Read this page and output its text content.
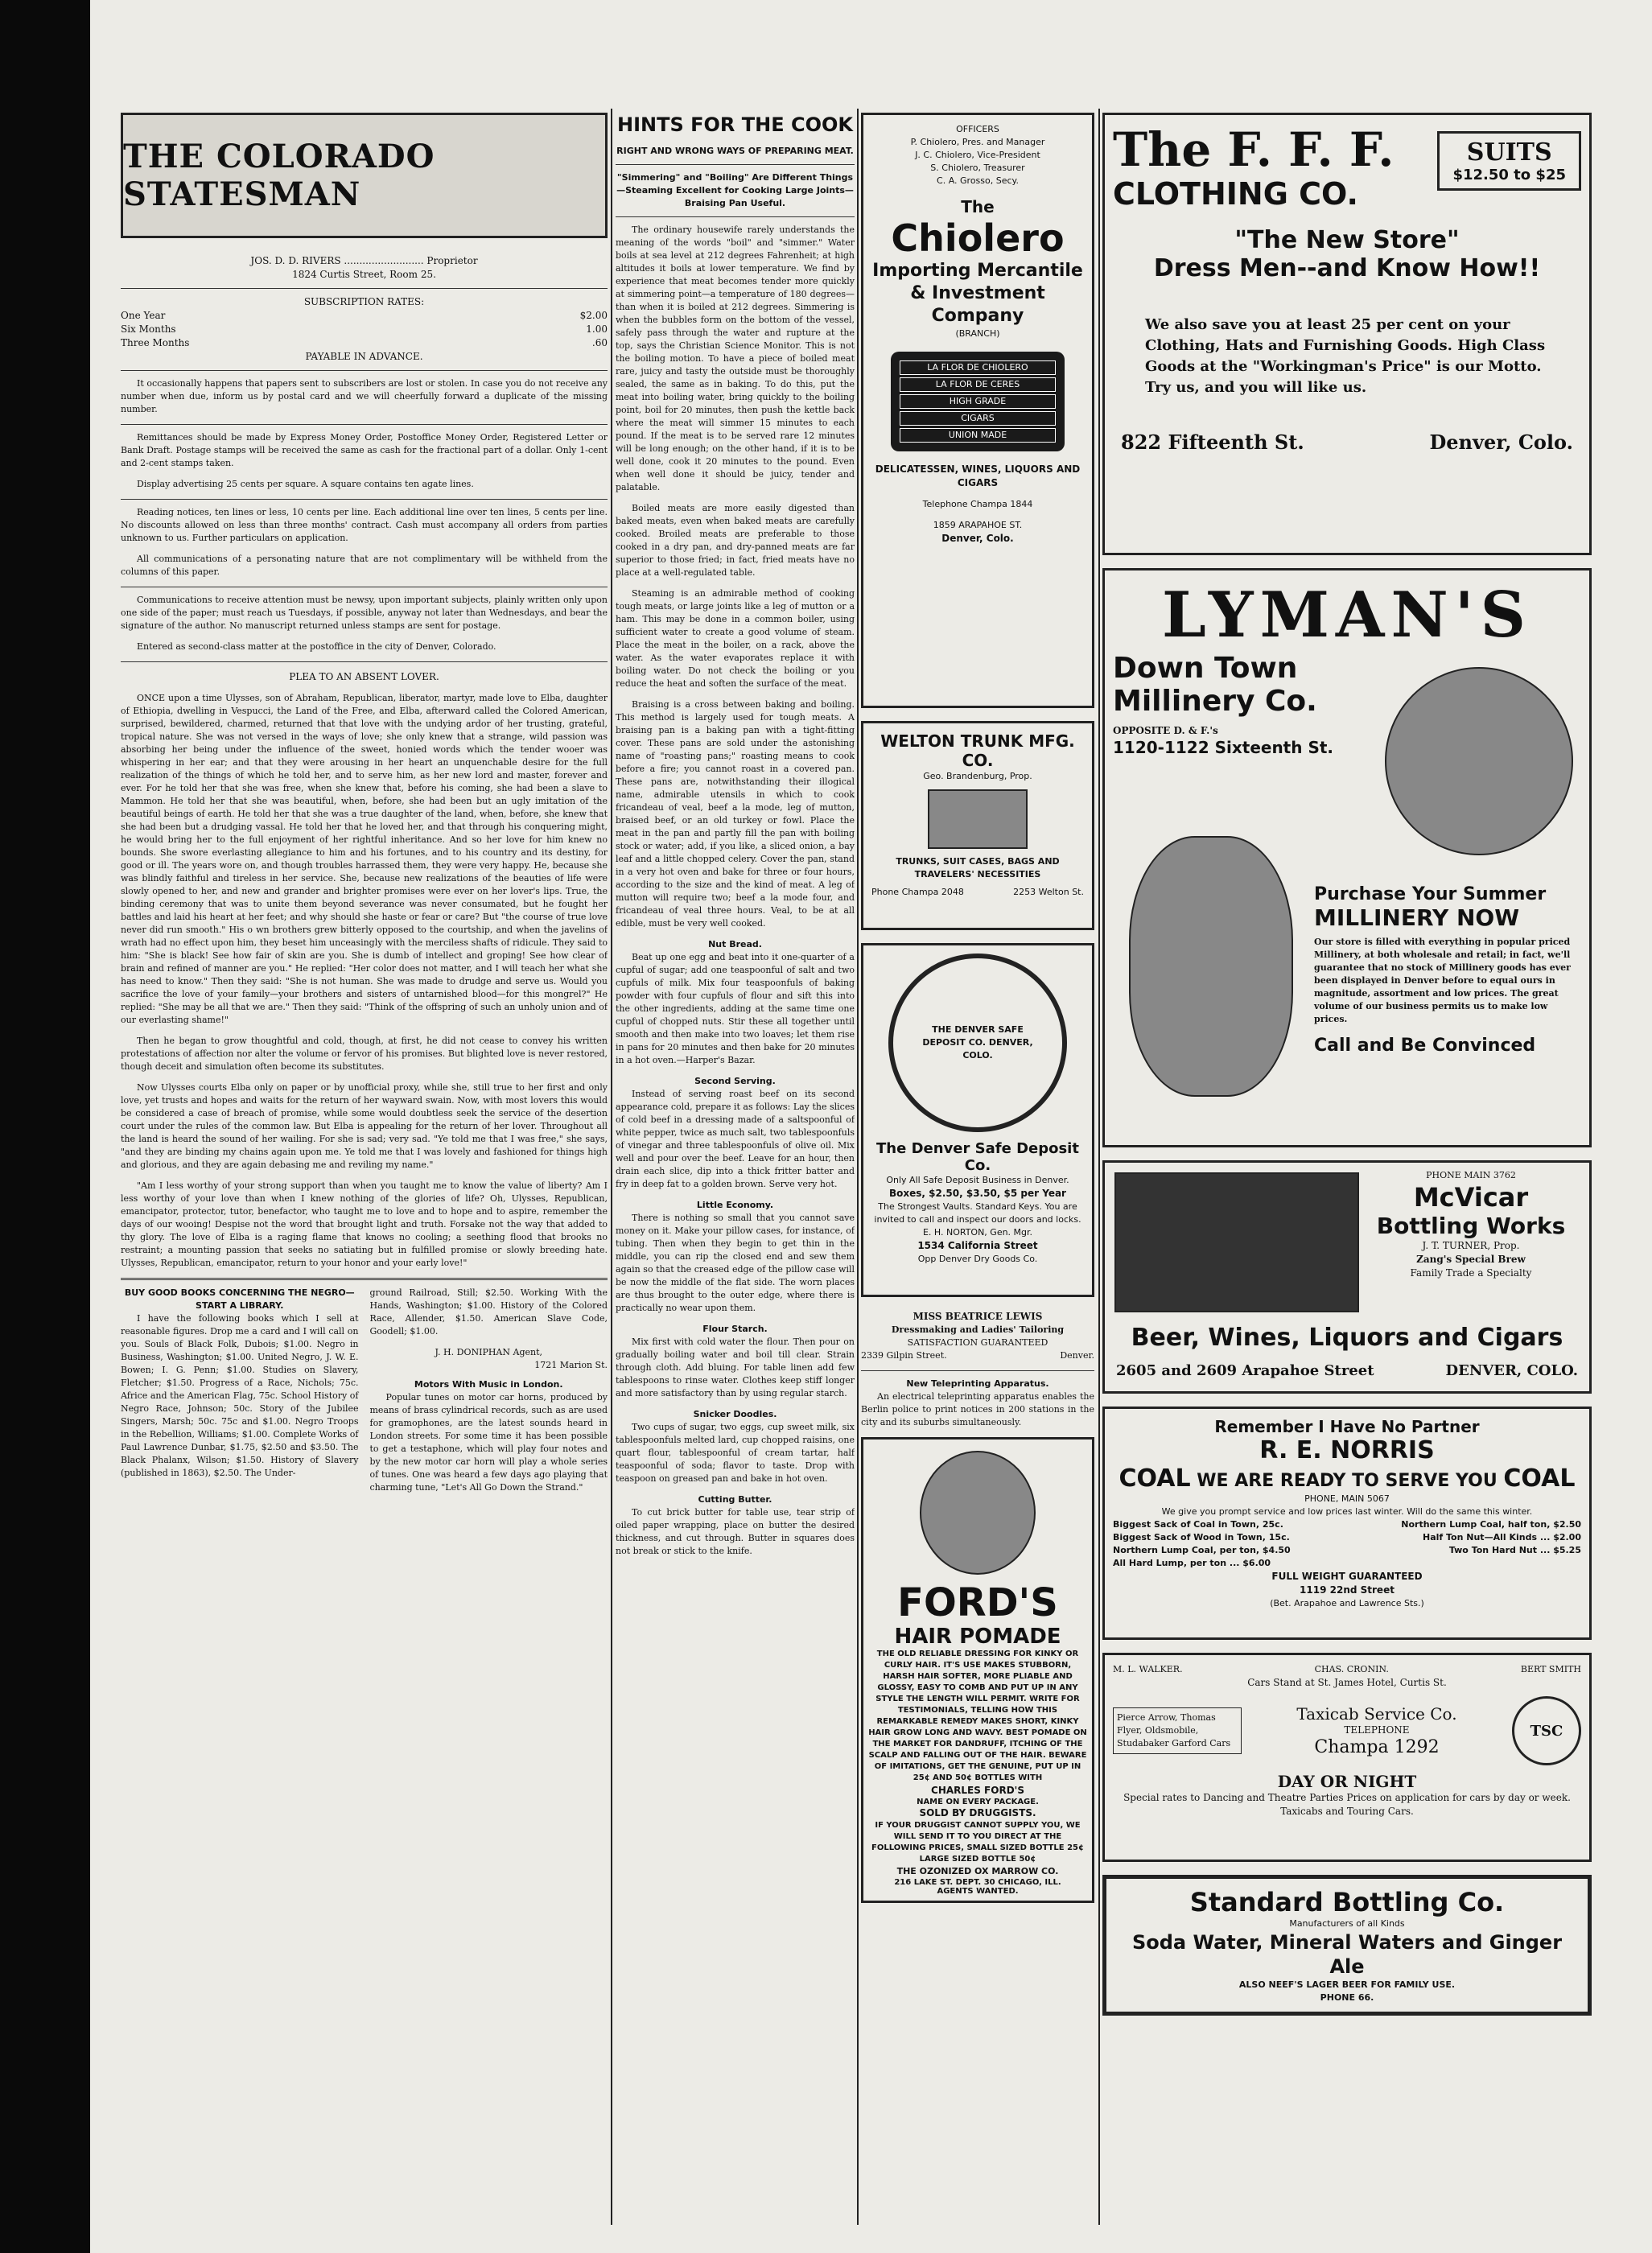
THE COLORADO STATESMAN
JOS. D. D. RIVERS .......................... Proprietor
1824 Curtis Street, Room 25.
SUBSCRIPTION RATES:
One Year	$2.00
Six Months	1.00
Three Months	.60
PAYABLE IN ADVANCE.

It occasionally happens that papers sent to subscribers are lost or stolen. In case you do not receive any number when due, inform us by postal card and we will cheerfully forward a duplicate of the missing number.

Remittances should be made by Express Money Order, Postoffice Money Order, Registered Letter or Bank Draft. Postage stamps will be received the same as cash for the fractional part of a dollar. Only 1-cent and 2-cent stamps taken.

Display advertising 25 cents per square. A square contains ten agate lines.

Reading notices, ten lines or less, 10 cents per line. Each additional line over ten lines, 5 cents per line. No discounts allowed on less than three months' contract. Cash must accompany all orders from parties unknown to us. Further particulars on application.

All communications of a personating nature that are not complimentary will be withheld from the columns of this paper.

Communications to receive attention must be newsy, upon important subjects, plainly written only upon one side of the paper; must reach us Tuesdays, if possible, anyway not later than Wednesdays, and bear the signature of the author. No manuscript returned unless stamps are sent for postage.

Entered as second-class matter at the postoffice in the city of Denver, Colorado.

PLEA TO AN ABSENT LOVER.

ONCE upon a time Ulysses, son of Abraham, Republican, liberator, martyr, made love to Elba, daughter of Ethiopia, dwelling in Vespucci, the Land of the Free, and Elba, afterward called the Colored American, surprised, bewildered, charmed, returned that that love with the undying ardor of her trusting, grateful, tropical nature. She was not versed in the ways of love; she only knew that a strange, wild passion was absorbing her being under the influence of the sweet, honied words which the tender wooer was whispering in her ear; and that they were arousing in her heart an unquenchable desire for the full realization of the things of which he told her, and to serve him, as her new lord and master, forever and ever. For he told her that she was free, when she knew that, before his coming, she had been a slave to Mammon. He told her that she was beautiful, when, before, she had been but an ugly imitation of the beautiful beings of earth. He told her that she was a true daughter of the land, when, before, she knew that she had been but a drudging vassal. He told her that he loved her, and that through his conquering might, he would bring her to the full enjoyment of her rightful inheritance. And so her love for him knew no bounds. She swore everlasting allegiance to him and his fortunes, and to his country and its destiny, for good or ill. The years wore on, and though troubles harrassed them, they were very happy. He, because she was blindly faithful and tireless in her service. She, because new realizations of the beauties of life were slowly opened to her, and new and grander and brighter promises were ever on her lover's lips. True, the binding ceremony that was to unite them beyond severance was never consumated, but he fought her battles and laid his heart at her feet; and why should she haste or fear or care? But "the course of true love never did run smooth." His o wn brothers grew bitterly opposed to the courtship, and when the javelins of wrath had no effect upon him, they beset him unceasingly with the merciless shafts of ridicule. They said to him: "She is black! See how fair of skin are you. She is dumb of intellect and groping! See how clear of brain and refined of manner are you." He replied: "Her color does not matter, and I will teach her what she has need to know." Then they said: "She is not human. She was made to drudge and serve us. Would you sacrifice the love of your family—your brothers and sisters of untarnished blood—for this mongrel?" He replied: "She may be all that we are." Then they said: "Think of the offspring of such an unholy union and of our everlasting shame!"

Then he began to grow thoughtful and cold, though, at first, he did not cease to convey his written protestations of affection nor alter the volume or fervor of his promises. But blighted love is never restored, though deceit and simulation often become its substitutes.

Now Ulysses courts Elba only on paper or by unofficial proxy, while she, still true to her first and only love, yet trusts and hopes and waits for the return of her wayward swain. Now, with most lovers this would be considered a case of breach of promise, while some would doubtless seek the service of the desertion court under the rules of the common law. But Elba is appealing for the return of her lover. Throughout all the land is heard the sound of her wailing. For she is sad; very sad. "Ye told me that I was free," she says, "and they are binding my chains again upon me. Ye told me that I was lovely and fashioned for things high and glorious, and they are again debasing me and reviling my name."

"Am I less worthy of your strong support than when you taught me to know the value of liberty? Am I less worthy of your love than when I knew nothing of the glories of life? Oh, Ulysses, Republican, emancipator, protector, tutor, benefactor, who taught me to love and to hope and to aspire, remember the days of our wooing! Despise not the word that brought light and truth. Forsake not the way that added to thy glory. The love of Elba is a raging flame that knows no cooling; a seething flood that brooks no restraint; a mounting passion that seeks no satiating but in fulfilled promise or slowly breeding hate. Ulysses, Republican, emancipator, return to your honor and your early love!"

BUY GOOD BOOKS CONCERNING THE NEGRO—START A LIBRARY.

I have the following books which I sell at reasonable figures. Drop me a card and I will call on you. Souls of Black Folk, Dubois; $1.00. Negro in Business, Washington; $1.00. United Negro, J. W. E. Bowen; I. G. Penn; $1.00. Studies on Slavery, Fletcher; $1.50. Progress of a Race, Nichols; 75c. Africe and the American Flag, 75c. School History of Negro Race, Johnson; 50c. Story of the Jubilee Singers, Marsh; 50c. 75c and $1.00. Negro Troops in the Rebellion, Williams; $1.00. Complete Works of Paul Lawrence Dunbar, $1.75, $2.50 and $3.50. The Black Phalanx, Wilson; $1.50. History of Slavery (published in 1863), $2.50. The Under-

ground Railroad, Still; $2.50. Working With the Hands, Washington; $1.00. History of the Colored Race, Allender, $1.50. American Slave Code, Goodell; $1.00.

J. H. DONIPHAN Agent,
1721 Marion St.
Motors With Music in London.

Popular tunes on motor car horns, produced by means of brass cylindrical records, such as are used for gramophones, are the latest sounds heard in London streets. For some time it has been possible to get a testaphone, which will play four notes and by the new motor car horn will play a whole series of tunes. One was heard a few days ago playing that charming tune, "Let's All Go Down the Strand."

HINTS FOR THE COOK
RIGHT AND WRONG WAYS OF PREPARING MEAT.
"Simmering" and "Boiling" Are Different Things—Steaming Excellent for Cooking Large Joints—Braising Pan Useful.

The ordinary housewife rarely understands the meaning of the words "boil" and "simmer." Water boils at sea level at 212 degrees Fahrenheit; at high altitudes it boils at lower temperature. We find by experience that meat becomes tender more quickly at simmering point—a temperature of 180 degrees—than when it is boiled at 212 degrees. Simmering is when the bubbles form on the bottom of the vessel, safely pass through the water and rupture at the top, says the Christian Science Monitor. This is not the boiling motion. To have a piece of boiled meat rare, juicy and tasty the outside must be thoroughly sealed, the same as in baking. To do this, put the meat into boiling water, bring quickly to the boiling point, boil for 20 minutes, then push the kettle back where the meat will simmer 15 minutes to each pound. If the meat is to be served rare 12 minutes will be long enough; on the other hand, if it is to be well done, cook it 20 minutes to the pound. Even when well done it should be juicy, tender and palatable.

Boiled meats are more easily digested than baked meats, even when baked meats are carefully cooked. Broiled meats are preferable to those cooked in a dry pan, and dry-panned meats are far superior to those fried; in fact, fried meats have no place at a well-regulated table.

Steaming is an admirable method of cooking tough meats, or large joints like a leg of mutton or a ham. This may be done in a common boiler, using sufficient water to create a good volume of steam. Place the meat in the boiler, on a rack, above the water. As the water evaporates replace it with boiling water. Do not check the boiling or you reduce the heat and soften the surface of the meat.

Braising is a cross between baking and boiling. This method is largely used for tough meats. A braising pan is a baking pan with a tight-fitting cover. These pans are sold under the astonishing name of "roasting pans;" roasting means to cook before a fire; you cannot roast in a covered pan. These pans are, notwithstanding their illogical name, admirable utensils in which to cook fricandeau of veal, beef a la mode, leg of mutton, braised beef, or an old turkey or fowl. Place the meat in the pan and partly fill the pan with boiling stock or water; add, if you like, a sliced onion, a bay leaf and a little chopped celery. Cover the pan, stand in a very hot oven and bake for three or four hours, according to the size and the kind of meat. A leg of mutton will require two; beef a la mode four, and fricandeau of veal three hours. Veal, to be at all edible, must be very well cooked.

Nut Bread.

Beat up one egg and beat into it one-quarter of a cupful of sugar; add one teaspoonful of salt and two cupfuls of milk. Mix four teaspoonfuls of baking powder with four cupfuls of flour and sift this into the other ingredients, adding at the same time one cupful of chopped nuts. Stir these all together until smooth and then make into two loaves; let them rise in pans for 20 minutes and then bake for 20 minutes in a hot oven.—Harper's Bazar.

Second Serving.

Instead of serving roast beef on its second appearance cold, prepare it as follows: Lay the slices of cold beef in a dressing made of a saltspoonful of white pepper, twice as much salt, two tablespoonfuls of vinegar and three tablespoonfuls of olive oil. Mix well and pour over the beef. Leave for an hour, then drain each slice, dip into a thick fritter batter and fry in deep fat to a golden brown. Serve very hot.

Little Economy.

There is nothing so small that you cannot save money on it. Make your pillow cases, for instance, of tubing. Then when they begin to get thin in the middle, you can rip the closed end and sew them again so that the creased edge of the pillow case will be now the middle of the flat side. The worn places are thus brought to the outer edge, where there is practically no wear upon them.

Flour Starch.

Mix first with cold water the flour. Then pour on gradually boiling water and boil till clear. Strain through cloth. Add bluing. For table linen add few tablespoons to rinse water. Clothes keep stiff longer and more satisfactory than by using regular starch.

Snicker Doodles.

Two cups of sugar, two eggs, cup sweet milk, six tablespoonfuls melted lard, cup chopped raisins, one quart flour, tablespoonful of cream tartar, half teaspoonful of soda; flavor to taste. Drop with teaspoon on greased pan and bake in hot oven.

Cutting Butter.

To cut brick butter for table use, tear strip of oiled paper wrapping, place on butter the desired thickness, and cut through. Butter in squares does not break or stick to the knife.

OFFICERS
P. Chiolero, Pres. and Manager
J. C. Chiolero, Vice-President
S. Chiolero, Treasurer
C. A. Grosso, Secy.
The
Chiolero
Importing Mercantile & Investment Company
(BRANCH)
LA FLOR DE CHIOLERO
LA FLOR DE CERES
HIGH GRADE
CIGARS
UNION MADE
DELICATESSEN, WINES, LIQUORS AND CIGARS
Telephone Champa 1844
1859 ARAPAHOE ST.
Denver, Colo.
WELTON TRUNK MFG. CO.
Geo. Brandenburg, Prop.
TRUNKS, SUIT CASES, BAGS AND TRAVELERS' NECESSITIES
Phone Champa 2048	2253 Welton St.
THE DENVER SAFE DEPOSIT CO. DENVER, COLO.
The Denver Safe Deposit Co.
Only All Safe Deposit Business in Denver.
Boxes, $2.50, $3.50, $5 per Year
The Strongest Vaults. Standard Keys. You are invited to call and inspect our doors and locks.
E. H. NORTON, Gen. Mgr.
1534 California Street
Opp Denver Dry Goods Co.
MISS BEATRICE LEWIS
Dressmaking and Ladies' Tailoring
SATISFACTION GUARANTEED
2339 Gilpin Street.	Denver.
New Teleprinting Apparatus.

An electrical teleprinting apparatus enables the Berlin police to print notices in 200 stations in the city and its suburbs simultaneously.

FORD'S
HAIR POMADE
THE OLD RELIABLE DRESSING FOR KINKY OR CURLY HAIR. IT'S USE MAKES STUBBORN, HARSH HAIR SOFTER, MORE PLIABLE AND GLOSSY, EASY TO COMB AND PUT UP IN ANY STYLE THE LENGTH WILL PERMIT. WRITE FOR TESTIMONIALS, TELLING HOW THIS REMARKABLE REMEDY MAKES SHORT, KINKY HAIR GROW LONG AND WAVY. BEST POMADE ON THE MARKET FOR DANDRUFF, ITCHING OF THE SCALP AND FALLING OUT OF THE HAIR. BEWARE OF IMITATIONS, GET THE GENUINE, PUT UP IN 25¢ AND 50¢ BOTTLES WITH
CHARLES FORD'S
NAME ON EVERY PACKAGE.
SOLD BY DRUGGISTS.
IF YOUR DRUGGIST CANNOT SUPPLY YOU, WE WILL SEND IT TO YOU DIRECT AT THE FOLLOWING PRICES, SMALL SIZED BOTTLE 25¢ LARGE SIZED BOTTLE 50¢
THE OZONIZED OX MARROW CO.
216 LAKE ST. DEPT. 30 CHICAGO, ILL.
AGENTS WANTED.
The F. F. F.
CLOTHING CO.
SUITS
$12.50 to $25
"The New Store"
Dress Men--and Know How!!
We also save you at least 25 per cent on your Clothing, Hats and Furnishing Goods. High Class Goods at the "Workingman's Price" is our Motto. Try us, and you will like us.
822 Fifteenth St.	Denver, Colo.
LYMAN'S
Down Town
Millinery Co.
OPPOSITE D. & F.'s
1120-1122 Sixteenth St.
Purchase Your Summer
MILLINERY NOW
Our store is filled with everything in popular priced Millinery, at both wholesale and retail; in fact, we'll guarantee that no stock of Millinery goods has ever been displayed in Denver before to equal ours in magnitude, assortment and low prices. The great volume of our business permits us to make low prices.
Call and Be Convinced
PHONE MAIN 3762
McVicar
Bottling Works
J. T. TURNER, Prop.
Zang's Special Brew
Family Trade a Specialty
Beer, Wines, Liquors and Cigars
2605 and 2609 Arapahoe Street	DENVER, COLO.
Remember I Have No Partner
R. E. NORRIS
COAL WE ARE READY TO SERVE YOU COAL
PHONE, MAIN 5067
We give you prompt service and low prices last winter. Will do the same this winter.
Biggest Sack of Coal in Town, 25c.	Northern Lump Coal, half ton, $2.50
Biggest Sack of Wood in Town, 15c.	Half Ton Nut—All Kinds ... $2.00
Northern Lump Coal, per ton, $4.50	Two Ton Hard Nut ... $5.25
All Hard Lump, per ton ... $6.00
FULL WEIGHT GUARANTEED
1119 22nd Street
(Bet. Arapahoe and Lawrence Sts.)
M. L. WALKER.	CHAS. CRONIN.	BERT SMITH
Cars Stand at St. James Hotel, Curtis St.
Pierce Arrow, Thomas Flyer, Oldsmobile, Studabaker Garford Cars
Taxicab Service Co.
TELEPHONE
Champa 1292
TSC
DAY OR NIGHT
Special rates to Dancing and Theatre Parties Prices on application for cars by day or week. Taxicabs and Touring Cars.
Standard Bottling Co.
Manufacturers of all Kinds
Soda Water, Mineral Waters and Ginger Ale
ALSO NEEF'S LAGER BEER FOR FAMILY USE.
PHONE 66.
